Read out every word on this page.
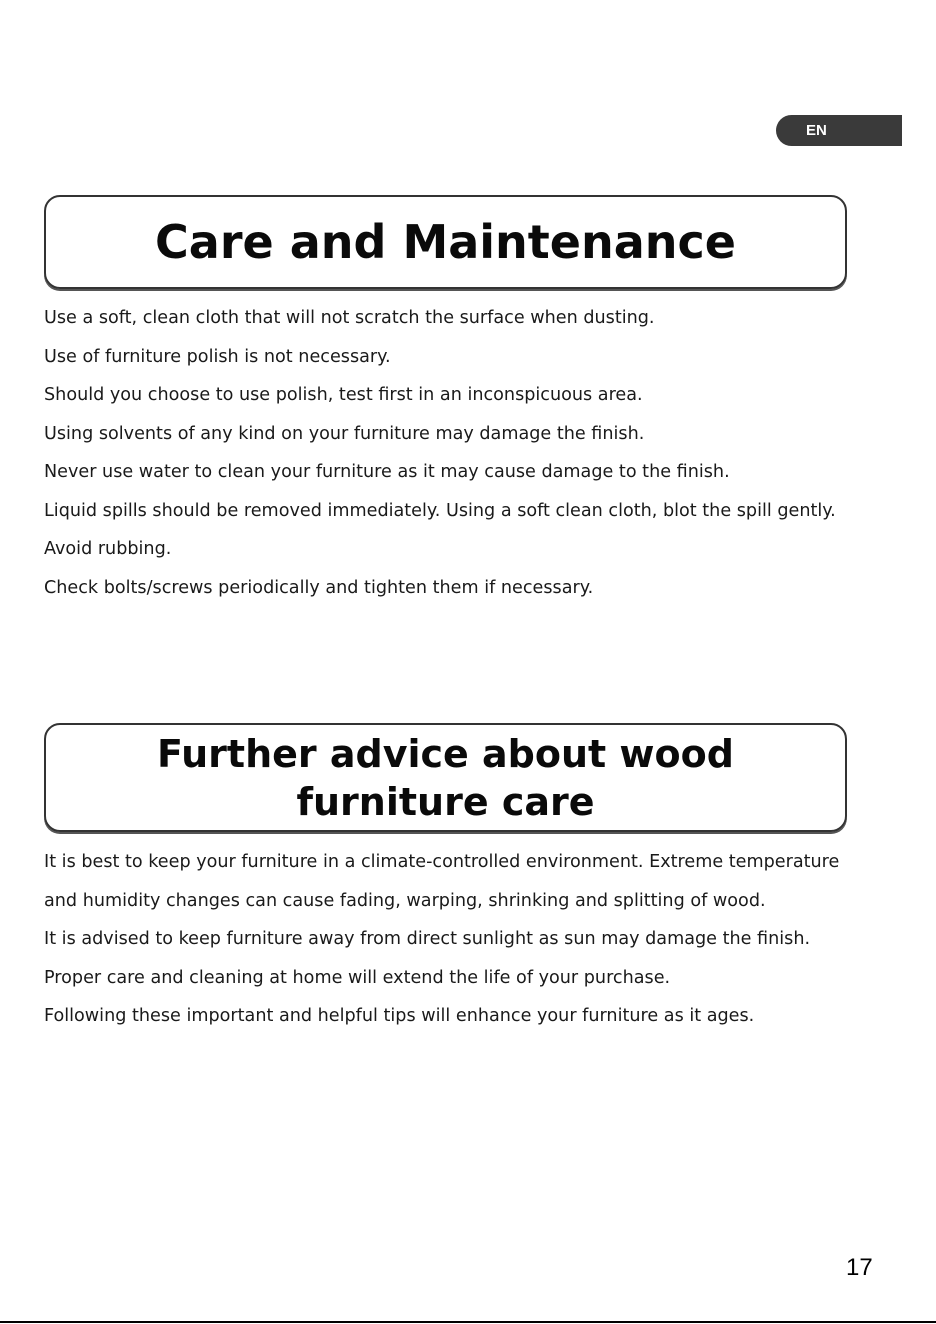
EN
Care and Maintenance

Use a soft, clean cloth that will not scratch the surface when dusting.

Use of furniture polish is not necessary.

Should you choose to use polish, test first in an inconspicuous area.

Using solvents of any kind on your furniture may damage the finish.

Never use water to clean your furniture as it may cause damage to the finish.

Liquid spills should be removed immediately. Using a soft clean cloth, blot the spill gently. Avoid rubbing.

Check bolts/screws periodically and tighten them if necessary.

Further advice about wood furniture care

It is best to keep your furniture in a climate-controlled environment. Extreme temperature and humidity changes can cause fading, warping, shrinking and splitting of wood.

It is advised to keep furniture away from direct sunlight as sun may damage the finish.

Proper care and cleaning at home will extend the life of your purchase.

Following these important and helpful tips will enhance your furniture as it ages.

17
